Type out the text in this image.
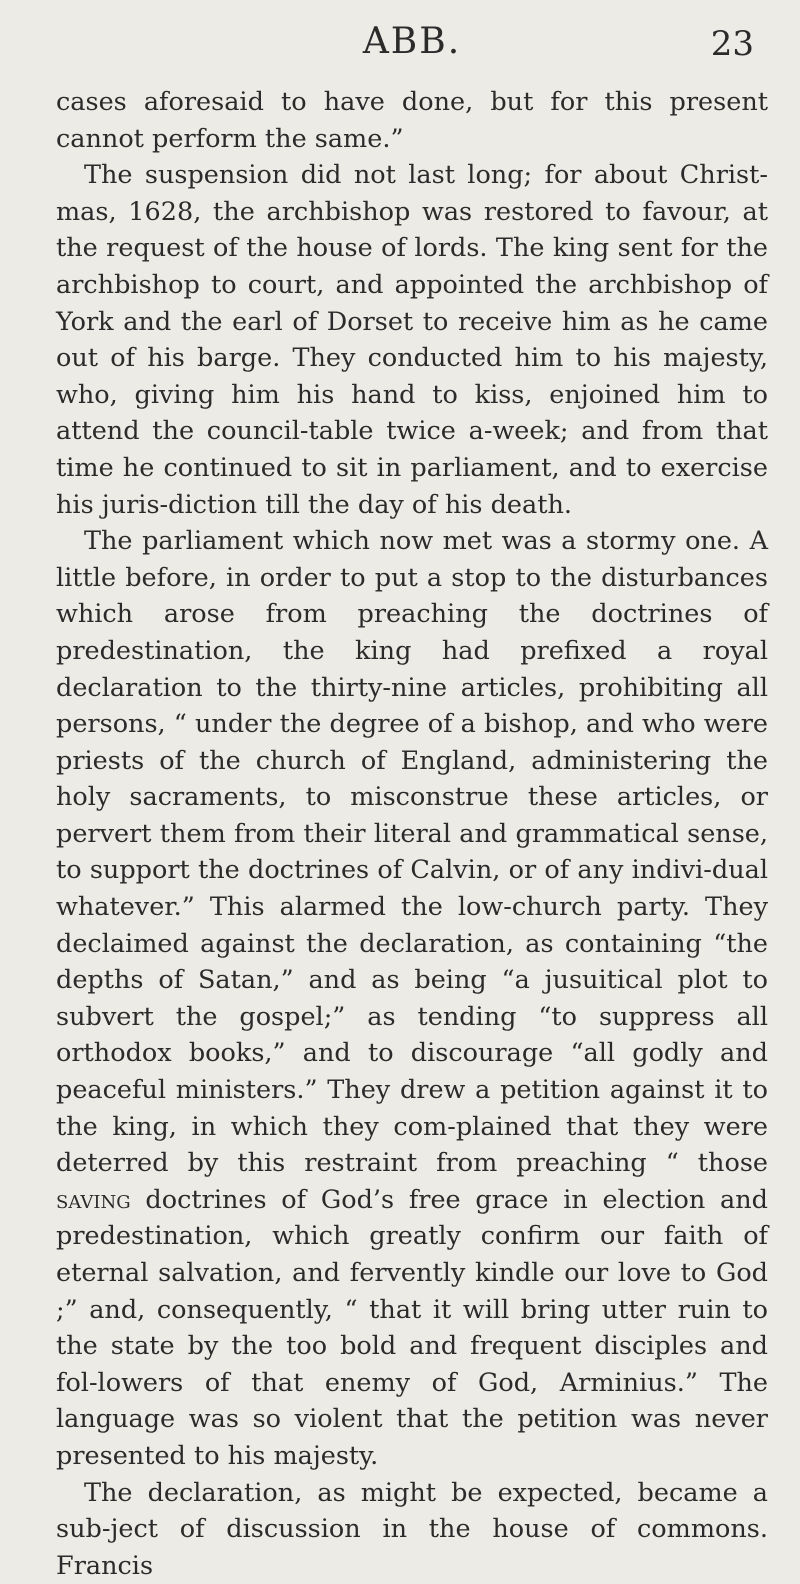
ABB.	23

cases aforesaid to have done, but for this present cannot perform the same.”

The suspension did not last long; for about Christ-mas, 1628, the archbishop was restored to favour, at the request of the house of lords. The king sent for the archbishop to court, and appointed the archbishop of York and the earl of Dorset to receive him as he came out of his barge. They conducted him to his majesty, who, giving him his hand to kiss, enjoined him to attend the council-table twice a-week; and from that time he continued to sit in parliament, and to exercise his juris-diction till the day of his death.

The parliament which now met was a stormy one. A little before, in order to put a stop to the disturbances which arose from preaching the doctrines of predestination, the king had prefixed a royal declaration to the thirty-nine articles, prohibiting all persons, “ under the degree of a bishop, and who were priests of the church of England, administering the holy sacraments, to misconstrue these articles, or pervert them from their literal and grammatical sense, to support the doctrines of Calvin, or of any indivi-dual whatever.” This alarmed the low-church party. They declaimed against the declaration, as containing “the depths of Satan,” and as being “a jusuitical plot to subvert the gospel;” as tending “to suppress all orthodox books,” and to discourage “all godly and peaceful ministers.” They drew a petition against it to the king, in which they com-plained that they were deterred by this restraint from preaching “ those saving doctrines of God’s free grace in election and predestination, which greatly confirm our faith of eternal salvation, and fervently kindle our love to God ;” and, consequently, “ that it will bring utter ruin to the state by the too bold and frequent disciples and fol-lowers of that enemy of God, Arminius.” The language was so violent that the petition was never presented to his majesty.

The declaration, as might be expected, became a sub-ject of discussion in the house of commons. Francis
